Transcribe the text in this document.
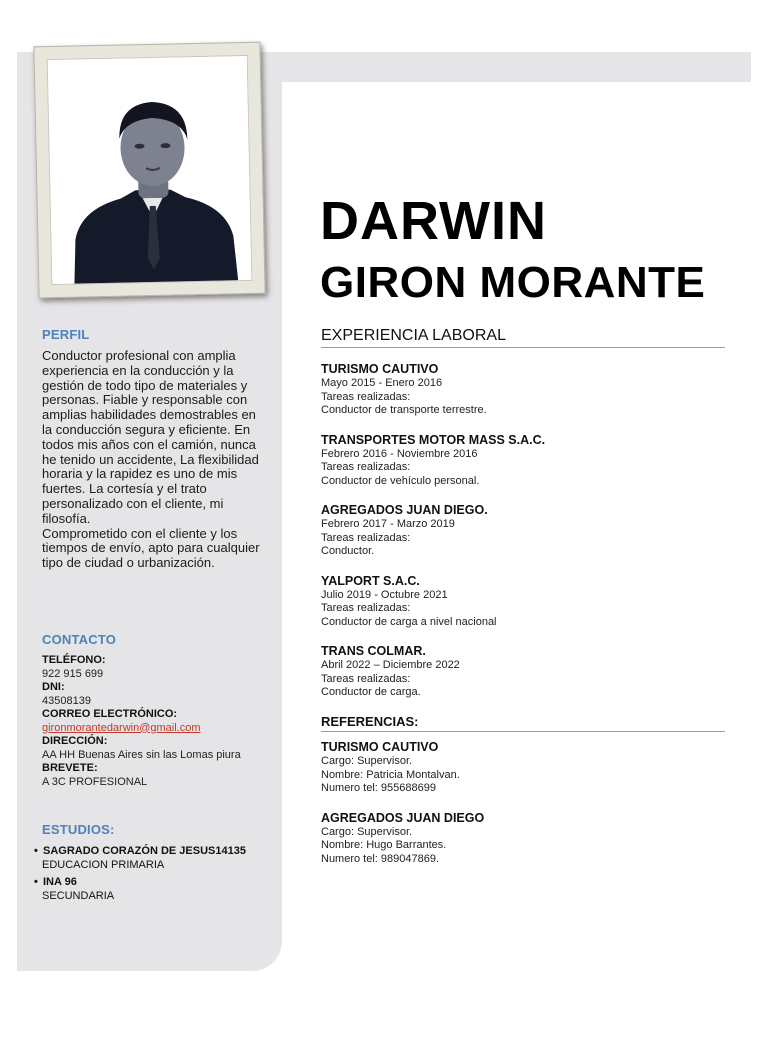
PERFIL
Conductor profesional con amplia experiencia en la conducción y la gestión de todo tipo de materiales y personas. Fiable y responsable con amplias habilidades demostrables en la conducción segura y eficiente. En todos mis años con el camión, nunca he tenido un accidente, La flexibilidad horaria y la rapidez es uno de mis fuertes. La cortesía y el trato personalizado con el cliente, mi filosofía.
Comprometido con el cliente y los tiempos de envío, apto para cualquier tipo de ciudad o urbanización.
CONTACTO
TELÉFONO:
922 915 699
DNI:
43508139
CORREO ELECTRÓNICO:
gironmorantedarwin@gmail.com
DIRECCIÓN:
AA HH Buenas Aires sin las Lomas piura
BREVETE:
A 3C PROFESIONAL
ESTUDIOS:
• SAGRADO CORAZÓN DE JESUS14135
EDUCACION PRIMARIA
• INA 96
SECUNDARIA
DARWIN
GIRON MORANTE
EXPERIENCIA LABORAL
TURISMO CAUTIVO
Mayo 2015 - Enero 2016
Tareas realizadas:
Conductor de transporte terrestre.
TRANSPORTES MOTOR MASS S.A.C.
Febrero 2016 - Noviembre 2016
Tareas realizadas:
Conductor de vehículo personal.
AGREGADOS JUAN DIEGO.
Febrero 2017 - Marzo 2019
Tareas realizadas:
Conductor.
YALPORT S.A.C.
Julio 2019 - Octubre 2021
Tareas realizadas:
Conductor de carga a nivel nacional
TRANS COLMAR.
Abril 2022 – Diciembre 2022
Tareas realizadas:
Conductor de carga.
REFERENCIAS:
TURISMO CAUTIVO
Cargo: Supervisor.
Nombre: Patricia Montalvan.
Numero tel: 955688699
AGREGADOS JUAN DIEGO
Cargo: Supervisor.
Nombre: Hugo Barrantes.
Numero tel: 989047869.
